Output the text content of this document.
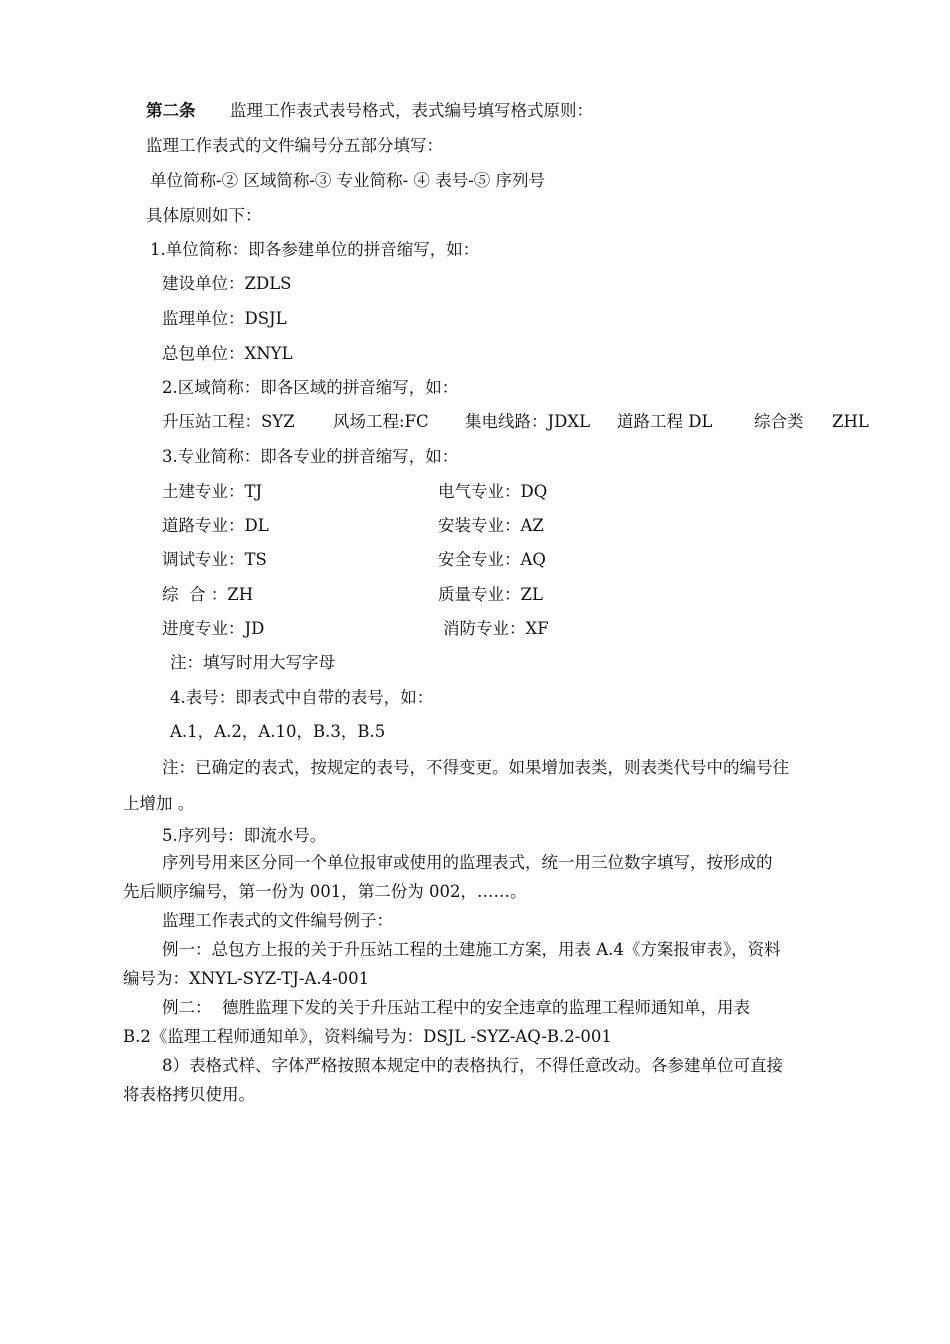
第二条 监理工作表式表号格式，表式编号填写格式原则：
监理工作表式的文件编号分五部分填写：
单位简称-② 区域简称-③ 专业简称- ④ 表号-⑤ 序列号
具体原则如下：
1.单位简称：即各参建单位的拼音缩写，如：
建设单位：ZDLS
监理单位：DSJL
总包单位：XNYL
2.区域简称：即各区域的拼音缩写，如：
升压站工程：SYZ 风场工程:FC 集电线路：JDXL 道路工程 DL	综合类 ZHL
3.专业简称：即各专业的拼音缩写，如：
土建专业：TJ
道路专业：DL
调试专业：TS
综  合 ：ZH
进度专业：JD
电气专业：DQ
安装专业：AZ
安全专业：AQ
质量专业：ZL
消防专业：XF
注：填写时用大写字母
4.表号：即表式中自带的表号，如：
A.1，A.2，A.10，B.3，B.5
注：已确定的表式，按规定的表号，不得变更。如果增加表类，则表类代号中的编号往
上增加 。
5.序列号：即流水号。
序列号用来区分同一个单位报审或使用的监理表式，统一用三位数字填写，按形成的
先后顺序编号，第一份为 001，第二份为 002，……。
监理工作表式的文件编号例子：
例一：总包方上报的关于升压站工程的土建施工方案，用表 A.4《方案报审表》，资料
编号为：XNYL-SYZ-TJ-A.4-001
例二：  德胜监理下发的关于升压站工程中的安全违章的监理工程师通知单，用表
B.2《监理工程师通知单》，资料编号为：DSJL -SYZ-AQ-B.2-001
8）表格式样、字体严格按照本规定中的表格执行，不得任意改动。各参建单位可直接
将表格拷贝使用。
